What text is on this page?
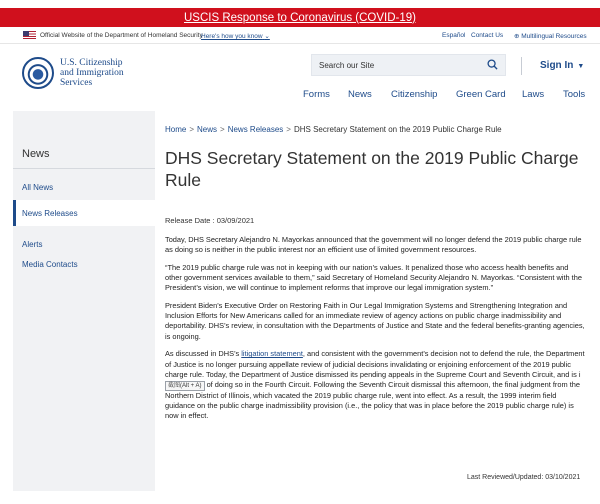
USCIS Response to Coronavirus (COVID-19)
Official Website of the Department of Homeland Security
Here's how you know ⌄	Español Contact Us ⊕ Multilingual Resources
U.S. Citizenship
and Immigration
Services
Search our Site
Sign In ▼
Forms News Citizenship Green Card Laws Tools
News
All News
News Releases
Alerts
Media Contacts
Home > News > News Releases > DHS Secretary Statement on the 2019 Public Charge Rule
DHS Secretary Statement on the 2019 Public Charge Rule
Release Date : 03/09/2021

Today, DHS Secretary Alejandro N. Mayorkas announced that the government will no longer defend the 2019 public charge rule as doing so is neither in the public interest nor an efficient use of limited government resources.

“The 2019 public charge rule was not in keeping with our nation’s values. It penalized those who access health benefits and other government services available to them,” said Secretary of Homeland Security Alejandro N. Mayorkas. “Consistent with the President’s vision, we will continue to implement reforms that improve our legal immigration system.”

President Biden’s Executive Order on Restoring Faith in Our Legal Immigration Systems and Strengthening Integration and Inclusion Efforts for New Americans called for an immediate review of agency actions on public charge inadmissibility and deportability. DHS’s review, in consultation with the Departments of Justice and State and the federal benefits-granting agencies, is ongoing.

As discussed in DHS’s litigation statement, and consistent with the government’s decision not to defend the rule, the Department of Justice is no longer pursuing appellate review of judicial decisions invalidating or enjoining enforcement of the 2019 public charge rule. Today, the Department of Justice dismissed its pending appeals in the Supreme Court and Seventh Circuit, and is i截图(Alt + A) of doing so in the Fourth Circuit. Following the Seventh Circuit dismissal this afternoon, the final judgment from the Northern District of Illinois, which vacated the 2019 public charge rule, went into effect. As a result, the 1999 interim field guidance on the public charge inadmissibility provision (i.e., the policy that was in place before the 2019 public charge rule) is now in effect.

Last Reviewed/Updated: 03/10/2021
